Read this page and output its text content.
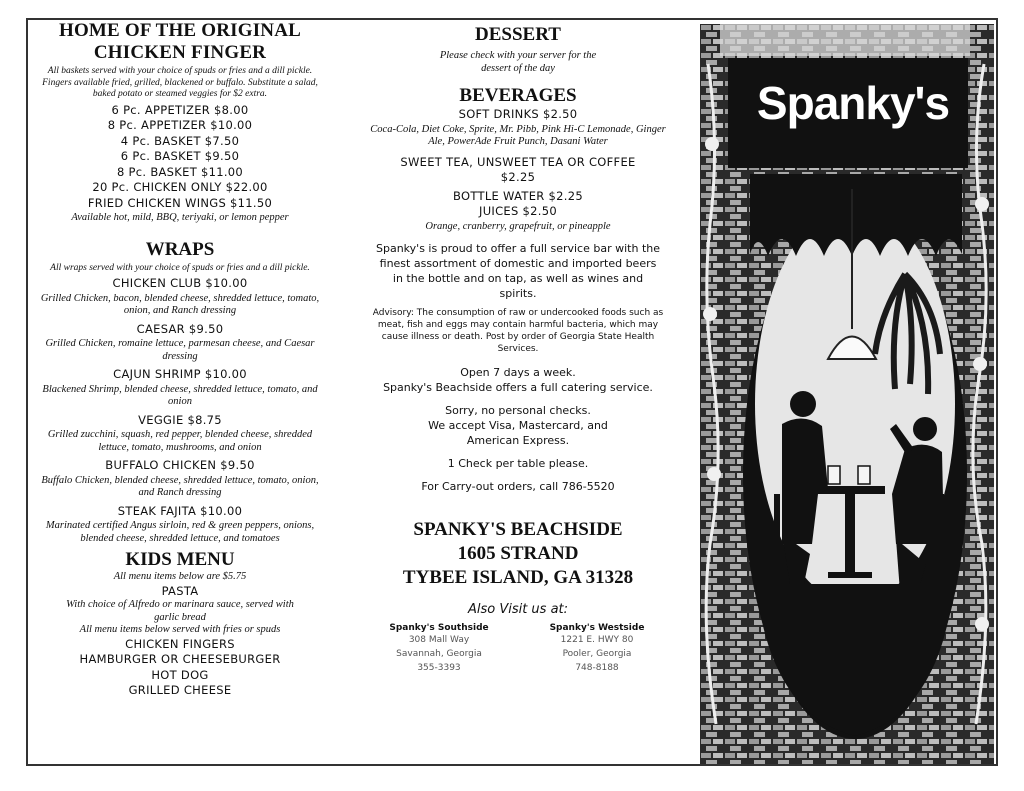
HOME OF THE ORIGINAL
CHICKEN FINGER

All baskets served with your choice of spuds or fries and a dill pickle. Fingers available fried, grilled, blackened or buffalo. Substitute a salad, baked potato or steamed veggies for $2 extra.

6 Pc. APPETIZER $8.00

8 Pc. APPETIZER $10.00

4 Pc. BASKET $7.50

6 Pc. BASKET $9.50

8 Pc. BASKET $11.00

20 Pc. CHICKEN ONLY $22.00

FRIED CHICKEN WINGS $11.50

Available hot, mild, BBQ, teriyaki, or lemon pepper

WRAPS

All wraps served with your choice of spuds or fries and a dill pickle.

CHICKEN CLUB $10.00

Grilled Chicken, bacon, blended cheese, shredded lettuce, tomato, onion, and Ranch dressing

CAESAR $9.50

Grilled Chicken, romaine lettuce, parmesan cheese, and Caesar dressing

CAJUN SHRIMP $10.00

Blackened Shrimp, blended cheese, shredded lettuce, tomato, and onion

VEGGIE $8.75

Grilled zucchini, squash, red pepper, blended cheese, shredded lettuce, tomato, mushrooms, and onion

BUFFALO CHICKEN $9.50

Buffalo Chicken, blended cheese, shredded lettuce, tomato, onion, and Ranch dressing

STEAK FAJITA $10.00

Marinated certified Angus sirloin, red & green peppers, onions, blended cheese, shredded lettuce, and tomatoes

KIDS MENU

All menu items below are $5.75

PASTA

With choice of Alfredo or marinara sauce, served with garlic bread

All menu items below served with fries or spuds

CHICKEN FINGERS

HAMBURGER OR CHEESEBURGER

HOT DOG

GRILLED CHEESE

DESSERT

Please check with your server for the dessert of the day

BEVERAGES

SOFT DRINKS $2.50

Coca-Cola, Diet Coke, Sprite, Mr. Pibb, Pink Hi-C Lemonade, Ginger Ale, PowerAde Fruit Punch, Dasani Water

SWEET TEA, UNSWEET TEA OR COFFEE $2.25

BOTTLE WATER $2.25

JUICES $2.50

Orange, cranberry, grapefruit, or pineapple

Spanky's is proud to offer a full service bar with the finest assortment of domestic and imported beers in the bottle and on tap, as well as wines and spirits.

Advisory: The consumption of raw or undercooked foods such as meat, fish and eggs may contain harmful bacteria, which may cause illness or death. Post by order of Georgia State Health Services.

Open 7 days a week.

Spanky's Beachside offers a full catering service.

Sorry, no personal checks.

We accept Visa, Mastercard, and American Express.

1 Check per table please.

For Carry-out orders, call 786-5520

SPANKY'S BEACHSIDE
1605 STRAND
TYBEE ISLAND, GA 31328
Also Visit us at:
Spanky's Southside
308 Mall Way
Savannah, Georgia
355-3393
Spanky's Westside
1221 E. HWY 80
Pooler, Georgia
748-8188
Spanky's
